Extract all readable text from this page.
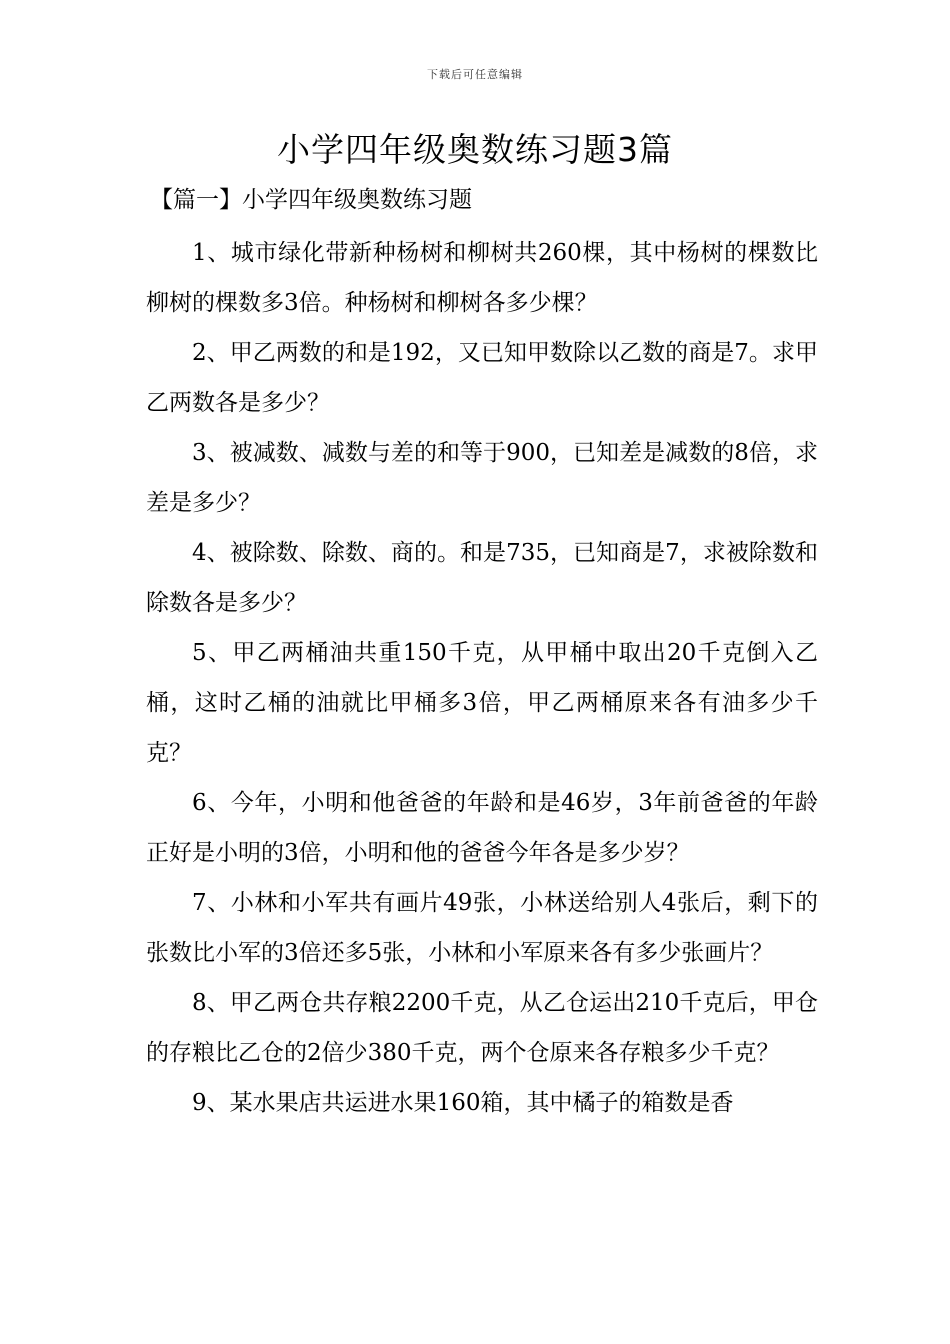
下载后可任意编辑
小学四年级奥数练习题3篇
【篇一】小学四年级奥数练习题

1、城市绿化带新种杨树和柳树共260棵，其中杨树的棵数比柳树的棵数多3倍。种杨树和柳树各多少棵？

2、甲乙两数的和是192，又已知甲数除以乙数的商是7。求甲乙两数各是多少？

3、被减数、减数与差的和等于900，已知差是减数的8倍，求差是多少？

4、被除数、除数、商的。和是735，已知商是7，求被除数和除数各是多少？

5、甲乙两桶油共重150千克，从甲桶中取出20千克倒入乙桶，这时乙桶的油就比甲桶多3倍，甲乙两桶原来各有油多少千克？

6、今年，小明和他爸爸的年龄和是46岁，3年前爸爸的年龄正好是小明的3倍，小明和他的爸爸今年各是多少岁？

7、小林和小军共有画片49张，小林送给别人4张后，剩下的张数比小军的3倍还多5张，小林和小军原来各有多少张画片？

8、甲乙两仓共存粮2200千克，从乙仓运出210千克后，甲仓的存粮比乙仓的2倍少380千克，两个仓原来各存粮多少千克？

9、某水果店共运进水果160箱，其中橘子的箱数是香
